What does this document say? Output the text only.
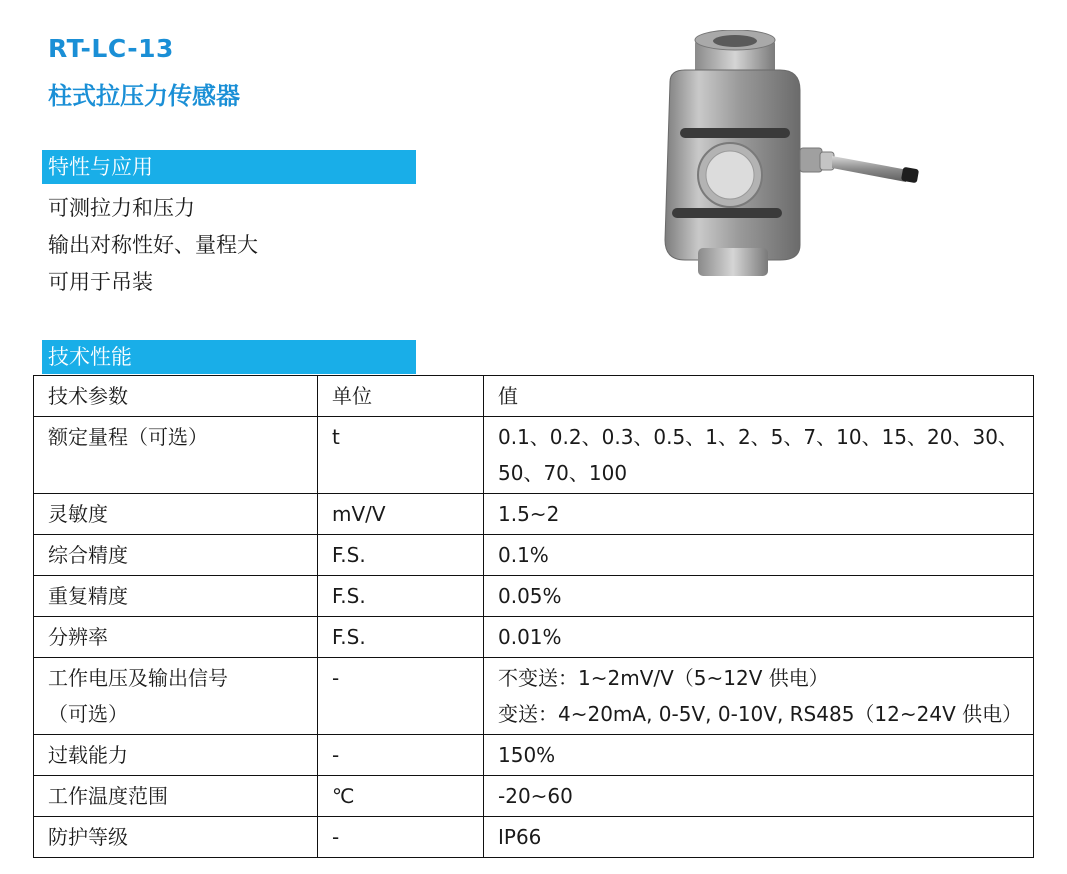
RT-LC-13
柱式拉压力传感器
特性与应用
可测拉力和压力
输出对称性好、量程大
可用于吊装
技术性能
技术参数	单位	值

额定量程（可选）	t	0.1、0.2、0.3、0.5、1、2、5、7、10、15、20、30、
50、70、100

灵敏度	mV/V	1.5~2

综合精度	F.S.	0.1%

重复精度	F.S.	0.05%

分辨率	F.S.	0.01%

工作电压及输出信号
（可选）	-	不变送：1~2mV/V（5~12V 供电）
变送：4~20mA, 0-5V, 0-10V, RS485（12~24V 供电）

过载能力	-	150%

工作温度范围	℃	-20~60

防护等级	-	IP66
